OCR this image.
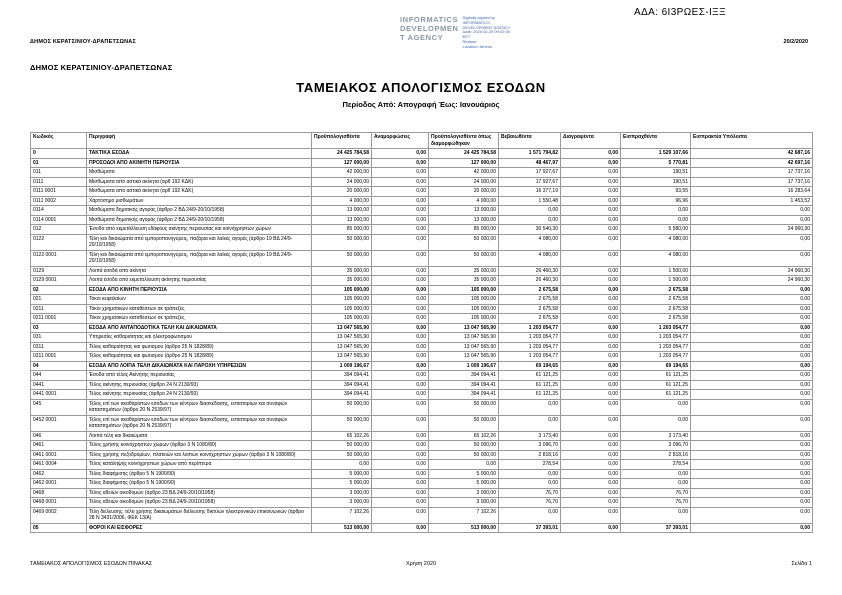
ΑΔΑ: 6Ι3ΡΩΕΣ-ΙΞΞ
INFORMATICS
DEVELOPMEN
T AGENCY
Digitally signed by
INFORMATICS
DEVELOPMENT AGENCY
Date: 2020.02.20 09:02:05
EET
Reason:
Location: Athens
ΔΗΜΟΣ ΚΕΡΑΤΣΙΝΙΟΥ-ΔΡΑΠΕΤΣΩΝΑΣ	20/2/2020
ΔΗΜΟΣ ΚΕΡΑΤΣΙΝΙΟΥ-ΔΡΑΠΕΤΣΩΝΑΣ
ΤΑΜΕΙΑΚΟΣ ΑΠΟΛΟΓΙΣΜΟΣ ΕΣΟΔΩΝ
Περίοδος Από: Απογραφή Έως: Ιανουάριος
Κωδικός	Περιγραφή	Προϋπολογισθέντα	Αναμορφώσεις	Προϋπολογισθέντα όπως διαμορφώθηκαν	Βεβαιωθέντα	Διαγραφέντα	Εισπραχθέντα	Εισπρακτέα Υπόλοιπα
0	ΤΑΚΤΙΚΑ ΕΣΟΔΑ	24 425 784,58	0,00	24 425 784,58	1 571 794,82	0,00	1 529 107,66	42 687,16
01	ΠΡΟΣΟΔΟΙ ΑΠΟ ΑΚΙΝΗΤΗ ΠΕΡΙΟΥΣΙΑ	127 000,00	0,00	127 000,00	48 467,97	0,00	5 770,81	42 697,16
011	Μισθώματα	42 000,00	0,00	42 000,00	17 927,67	0,00	190,51	17 737,16
0111	Μισθώματα από αστικά ακίνητα (αρθ 192 ΚΔΚ)	24 000,00	0,00	24 000,00	17 927,67	0,00	190,51	17 737,16
0111 0001	Μισθώματα από αστικά ακίνητα (αρθ 192 ΚΔΚ)	20 000,00	0,00	20 000,00	16 377,19	0,00	93,55	16 283,64
0111 0002	Χαρτόσημο μισθωμάτων	4 000,00	0,00	4 000,00	1 550,48	0,00	96,96	1 453,52
0114	Μισθώματα δημοτικής αγοράς (άρθρο 2 ΒΔ 24/9-20/10/1958)	13 000,00	0,00	13 000,00	0,00	0,00	0,00	0,00
0114 0001	Μισθώματα δημοτικής αγοράς (άρθρο 2 ΒΔ 24/9-20/10/1958)	13 000,00	0,00	13 000,00	0,00	0,00	0,00	0,00
012	Έσοδα από εκμετάλλευση εδάφους ακίνητης περιουσίας και κοινόχρηστων χώρων	85 000,00	0,00	85 000,00	30 540,30	0,00	5 580,00	24 960,30
0122	Τέλη και δικαιώματα από εμποροπανηγύρεις, παζάρια και λαϊκές αγορές (άρθρο 19 ΒΔ 24/9-20/10/1958)	50 000,00	0,00	50 000,00	4 080,00	0,00	4 080,00	0,00
0122 0001	Τέλη και δικαιώματα από εμποροπανηγύρεις, παζάρια και λαϊκές αγορές (άρθρο 19 ΒΔ 24/9-20/10/1958)	50 000,00	0,00	50 000,00	4 080,00	0,00	4 080,00	0,00
0129	Λοιπά έσοδα από ακίνητα	35 000,00	0,00	35 000,00	26 460,30	0,00	1 500,00	24 960,30
0129 0001	Λοιπά έσοδα από εκμετάλλευση ακίνητης περιουσίας	35 000,00	0,00	35 000,00	26 460,30	0,00	1 500,00	24 960,30
02	ΕΣΟΔΑ ΑΠΟ ΚΙΝΗΤΗ ΠΕΡΙΟΥΣΙΑ	105 000,00	0,00	105 000,00	2 675,58	0,00	2 675,58	0,00
021	Τόκοι κεφαλαίων	105 000,00	0,00	105 000,00	2 675,58	0,00	2 675,58	0,00
0211	Τόκοι χρηματικών καταθέσεων σε τράπεζες	105 000,00	0,00	105 000,00	2 675,58	0,00	2 675,58	0,00
0211 0001	Τόκοι χρηματικών καταθέσεων σε τράπεζες	105 000,00	0,00	105 000,00	2 675,58	0,00	2 675,58	0,00
03	ΕΣΟΔΑ ΑΠΟ ΑΝΤΑΠΟΔΟΤΙΚΑ ΤΕΛΗ ΚΑΙ ΔΙΚΑΙΩΜΑΤΑ	13 047 565,90	0,00	13 047 565,90	1 203 054,77	0,00	1 203 054,77	0,00
031	Υπηρεσίες καθαριότητας και ηλεκτροφωτισμού	13 047 565,90	0,00	13 047 565,90	1 203 054,77	0,00	1 203 054,77	0,00
0311	Τέλος καθαριότητας και φωτισμού (άρθρο 25 Ν 1828/89)	13 047 565,90	0,00	13 047 565,90	1 203 054,77	0,00	1 203 054,77	0,00
0311 0001	Τέλος καθαριότητας και φωτισμού (άρθρο 25 Ν 1828/89)	13 047 565,90	0,00	13 047 565,90	1 203 054,77	0,00	1 203 054,77	0,00
04	ΕΣΟΔΑ ΑΠΟ ΛΟΙΠΑ ΤΕΛΗ ΔΙΚΑΙΩΜΑΤΑ ΚΑΙ ΠΑΡΟΧΗ ΥΠΗΡΕΣΙΩΝ	1 009 196,67	0,00	1 009 196,67	69 194,65	0,00	69 194,65	0,00
044	Έσοδα από τέλος Ακίνητης περιουσίας	394 094,41	0,00	394 094,41	61 121,25	0,00	61 121,25	0,00
0441	Τέλος ακίνητης περιουσίας (άρθρο 24 Ν 2130/93)	394 094,41	0,00	394 094,41	61 121,25	0,00	61 121,25	0,00
0441 0001	Τέλος ακίνητης περιουσίας (άρθρο 24 Ν 2130/93)	394 094,41	0,00	394 094,41	61 121,25	0,00	61 121,25	0,00
045	Τέλος επί των ακαθαρίστων εσόδων των κέντρων διασκέδασης, εστιατορίων και συναφών καταστημάτων (άρθρο 20 Ν 2539/97)	50 000,00	0,00	50 000,00	0,00	0,00	0,00	0,00
0452 0001	Τέλος επί των ακαθαρίστων εσόδων των κέντρων διασκέδασης, εστιατορίων και συναφών καταστημάτων (άρθρο 20 Ν 2539/97)	50 000,00	0,00	50 000,00	0,00	0,00	0,00	0,00
046	Λοιπά τέλη και δικαιώματα	65 102,26	0,00	65 102,26	3 173,40	0,00	3 173,40	0,00
0461	Τέλος χρήσης κοινόχρηστων χώρων (άρθρο 3 Ν 1080/80)	50 000,00	0,00	50 000,00	3 096,70	0,00	3 096,70	0,00
0461 0001	Τέλος χρήσης πεζοδρομίων, πλατειών και λοιπών κοινόχρηστων χώρων (άρθρο 3 Ν 1080/80)	50 000,00	0,00	50 000,00	2 818,16	0,00	2 818,16	0,00
0461 0004	Τέλος κατάληψης κοινόχρηστων χώρων από περίπτερα	0,00	0,00	0,00	278,54	0,00	278,54	0,00
0462	Τέλος διαφήμισης (άρθρο 5 Ν 1900/90)	5 000,00	0,00	5 000,00	0,00	0,00	0,00	0,00
0462 0001	Τέλος διαφήμισης (άρθρο 5 Ν 1900/90)	5 000,00	0,00	5 000,00	0,00	0,00	0,00	0,00
0468	Τέλος αδειών οικοδομών (άρθρο 23 ΒΔ 24/9-20/10/1958)	3 000,00	0,00	3 000,00	76,70	0,00	76,70	0,00
0468 0001	Τέλος αδειών οικοδομών (άρθρο 23 ΒΔ 24/9-20/10/1958)	3 000,00	0,00	3 000,00	76,70	0,00	76,70	0,00
0469 0002	Τέλη διέλευσης, τέλη χρήσης δικαιωμάτων διέλευσης δικτύων ηλεκτρονικών επικοινωνιών (άρθρο 28 Ν 3431/2006, ΦΕΚ 13/Α)	7 102,26	0,00	7 102,26	0,00	0,00	0,00	0,00
05	ΦΟΡΟΙ ΚΑΙ ΕΙΣΦΟΡΕΣ	513 000,00	0,00	513 000,00	37 393,01	0,00	37 393,01	0,00
ΤΑΜΕΙΑΚΟΣ ΑΠΟΛΟΓΙΣΜΟΣ ΕΣΟΔΩΝ ΠΙΝΑΚΑΣ	Χρήση 2020	Σελίδα 1
